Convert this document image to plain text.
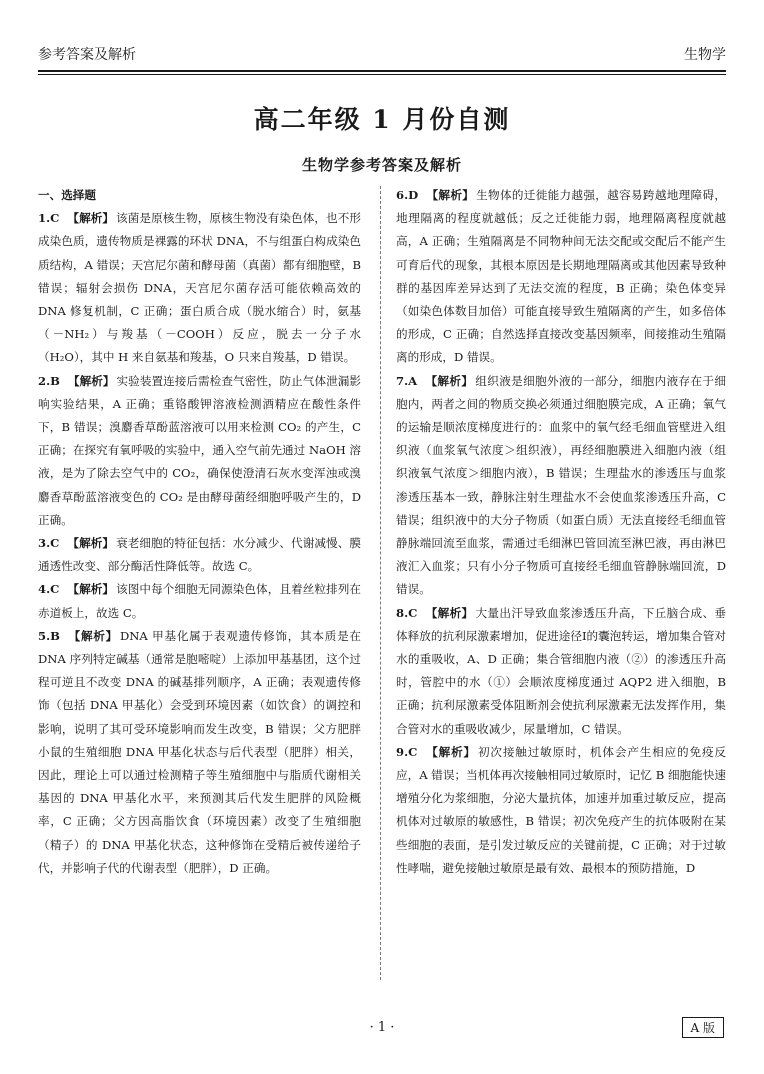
参考答案及解析	生物学
高二年级 1 月份自测
生物学参考答案及解析

一、选择题

1.C 【解析】 该菌是原核生物，原核生物没有染色体，也不形成染色质，遗传物质是裸露的环状 DNA，不与组蛋白构成染色质结构，A 错误；天宫尼尔菌和酵母菌（真菌）都有细胞壁，B 错误；辐射会损伤 DNA，天宫尼尔菌存活可能依赖高效的 DNA 修复机制，C 正确；蛋白质合成（脱水缩合）时，氨基（－NH₂）与羧基（－COOH）反应，脱去一分子水（H₂O），其中 H 来自氨基和羧基，O 只来自羧基，D 错误。

2.B 【解析】 实验装置连接后需检查气密性，防止气体泄漏影响实验结果，A 正确；重铬酸钾溶液检测酒精应在酸性条件下，B 错误；溴麝香草酚蓝溶液可以用来检测 CO₂ 的产生，C 正确；在探究有氧呼吸的实验中，通入空气前先通过 NaOH 溶液，是为了除去空气中的 CO₂，确保使澄清石灰水变浑浊或溴麝香草酚蓝溶液变色的 CO₂ 是由酵母菌经细胞呼吸产生的，D 正确。

3.C 【解析】 衰老细胞的特征包括：水分减少、代谢减慢、膜通透性改变、部分酶活性降低等。故选 C。

4.C 【解析】 该图中每个细胞无同源染色体，且着丝粒排列在赤道板上，故选 C。

5.B 【解析】 DNA 甲基化属于表观遗传修饰，其本质是在 DNA 序列特定碱基（通常是胞嘧啶）上添加甲基基团，这个过程可逆且不改变 DNA 的碱基排列顺序，A 正确；表观遗传修饰（包括 DNA 甲基化）会受到环境因素（如饮食）的调控和影响，说明了其可受环境影响而发生改变，B 错误；父方肥胖小鼠的生殖细胞 DNA 甲基化状态与后代表型（肥胖）相关，因此，理论上可以通过检测精子等生殖细胞中与脂质代谢相关基因的 DNA 甲基化水平，来预测其后代发生肥胖的风险概率，C 正确；父方因高脂饮食（环境因素）改变了生殖细胞（精子）的 DNA 甲基化状态，这种修饰在受精后被传递给子代，并影响子代的代谢表型（肥胖），D 正确。

6.D 【解析】 生物体的迁徙能力越强，越容易跨越地理障碍，地理隔离的程度就越低；反之迁徙能力弱，地理隔离程度就越高，A 正确；生殖隔离是不同物种间无法交配或交配后不能产生可育后代的现象，其根本原因是长期地理隔离或其他因素导致种群的基因库差异达到了无法交流的程度，B 正确；染色体变异（如染色体数目加倍）可能直接导致生殖隔离的产生，如多倍体的形成，C 正确；自然选择直接改变基因频率，间接推动生殖隔离的形成，D 错误。

7.A 【解析】 组织液是细胞外液的一部分，细胞内液存在于细胞内，两者之间的物质交换必须通过细胞膜完成，A 正确；氧气的运输是顺浓度梯度进行的：血浆中的氧气经毛细血管壁进入组织液（血浆氧气浓度＞组织液），再经细胞膜进入细胞内液（组织液氧气浓度＞细胞内液），B 错误；生理盐水的渗透压与血浆渗透压基本一致，静脉注射生理盐水不会使血浆渗透压升高，C 错误；组织液中的大分子物质（如蛋白质）无法直接经毛细血管静脉端回流至血浆，需通过毛细淋巴管回流至淋巴液，再由淋巴液汇入血浆；只有小分子物质可直接经毛细血管静脉端回流，D 错误。

8.C 【解析】 大量出汗导致血浆渗透压升高，下丘脑合成、垂体释放的抗利尿激素增加，促进途径Ⅰ的囊泡转运，增加集合管对水的重吸收，A、D 正确；集合管细胞内液（②）的渗透压升高时，管腔中的水（①）会顺浓度梯度通过 AQP2 进入细胞，B 正确；抗利尿激素受体阻断剂会使抗利尿激素无法发挥作用，集合管对水的重吸收减少，尿量增加，C 错误。

9.C 【解析】 初次接触过敏原时，机体会产生相应的免疫反应，A 错误；当机体再次接触相同过敏原时，记忆 B 细胞能快速增殖分化为浆细胞，分泌大量抗体，加速并加重过敏反应，提高机体对过敏原的敏感性，B 错误；初次免疫产生的抗体吸附在某些细胞的表面，是引发过敏反应的关键前提，C 正确；对于过敏性哮喘，避免接触过敏原是最有效、最根本的预防措施，D

· 1 ·	A 版
